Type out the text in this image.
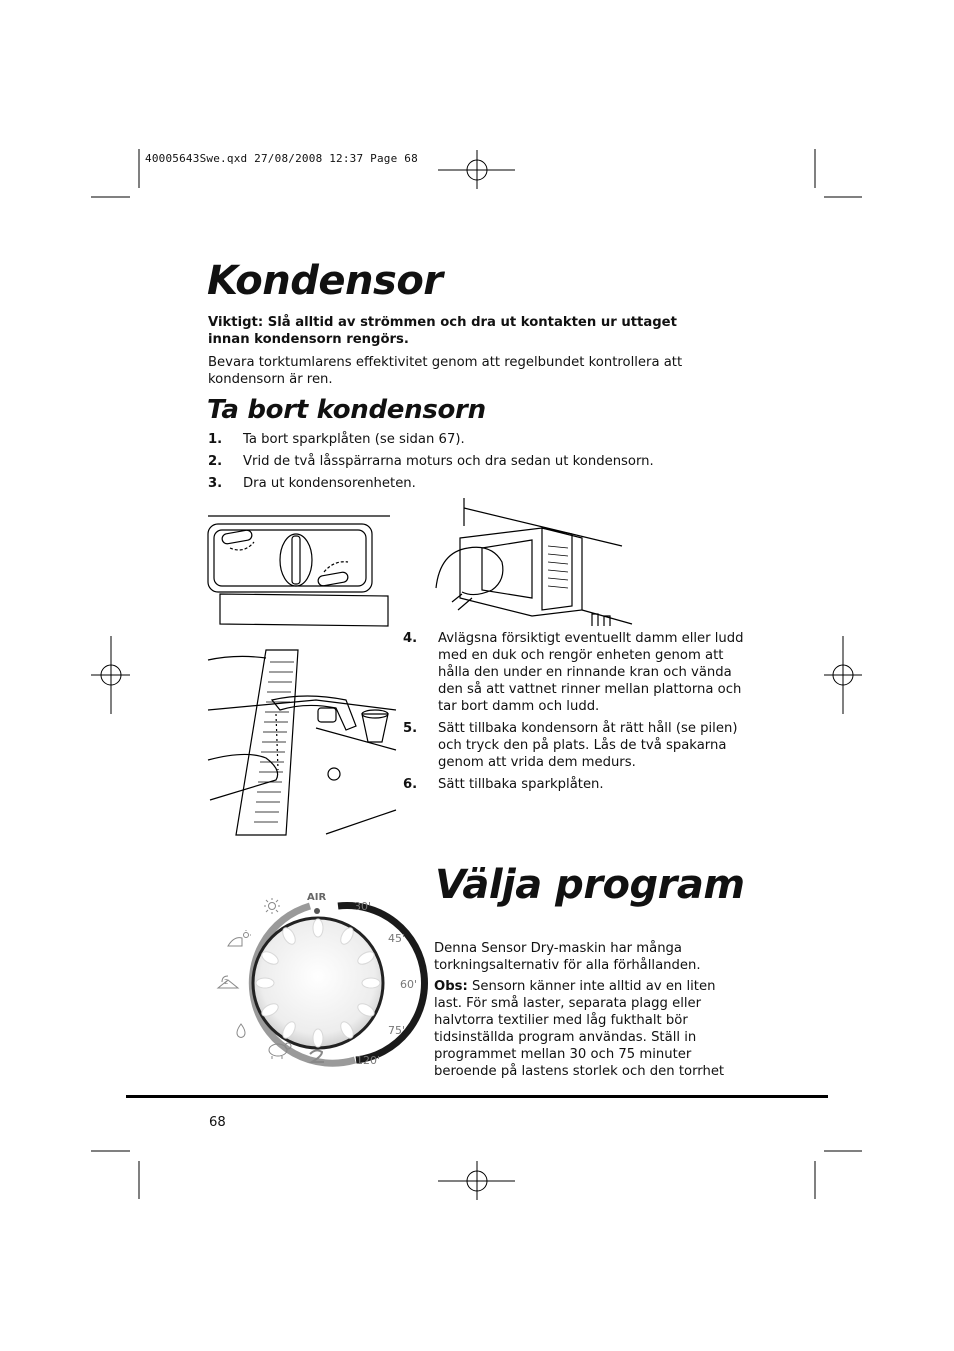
40005643Swe.qxd 27/08/2008 12:37 Page 68
Kondensor
Viktigt: Slå alltid av strömmen och dra ut kontakten ur uttaget innan kondensorn rengörs.
Bevara torktumlarens effektivitet genom att regelbundet kontrollera att kondensorn är ren.
Ta bort kondensorn
1.	Ta bort sparkplåten (se sidan 67).
2.	Vrid de två låsspärrarna moturs och dra sedan ut kondensorn.
3.	Dra ut kondensorenheten.
4.	Avlägsna försiktigt eventuellt damm eller ludd med en duk och rengör enheten genom att hålla den under en rinnande kran och vända den så att vattnet rinner mellan plattorna och tar bort damm och ludd.
5.	Sätt tillbaka kondensorn åt rätt håll (se pilen) och tryck den på plats. Lås de två spakarna genom att vrida dem medurs.
6.	Sätt tillbaka sparkplåten.
Välja program
Denna Sensor Dry-maskin har många torkningsalternativ för alla förhållanden.
Obs: Sensorn känner inte alltid av en liten last. För små laster, separata plagg eller halvtorra textilier med låg fukthalt bör tidsinställda program användas. Ställ in programmet mellan 30 och 75 minuter beroende på lastens storlek och den torrhet
AIR
30'
45'
60'
75'
120'
2
68
